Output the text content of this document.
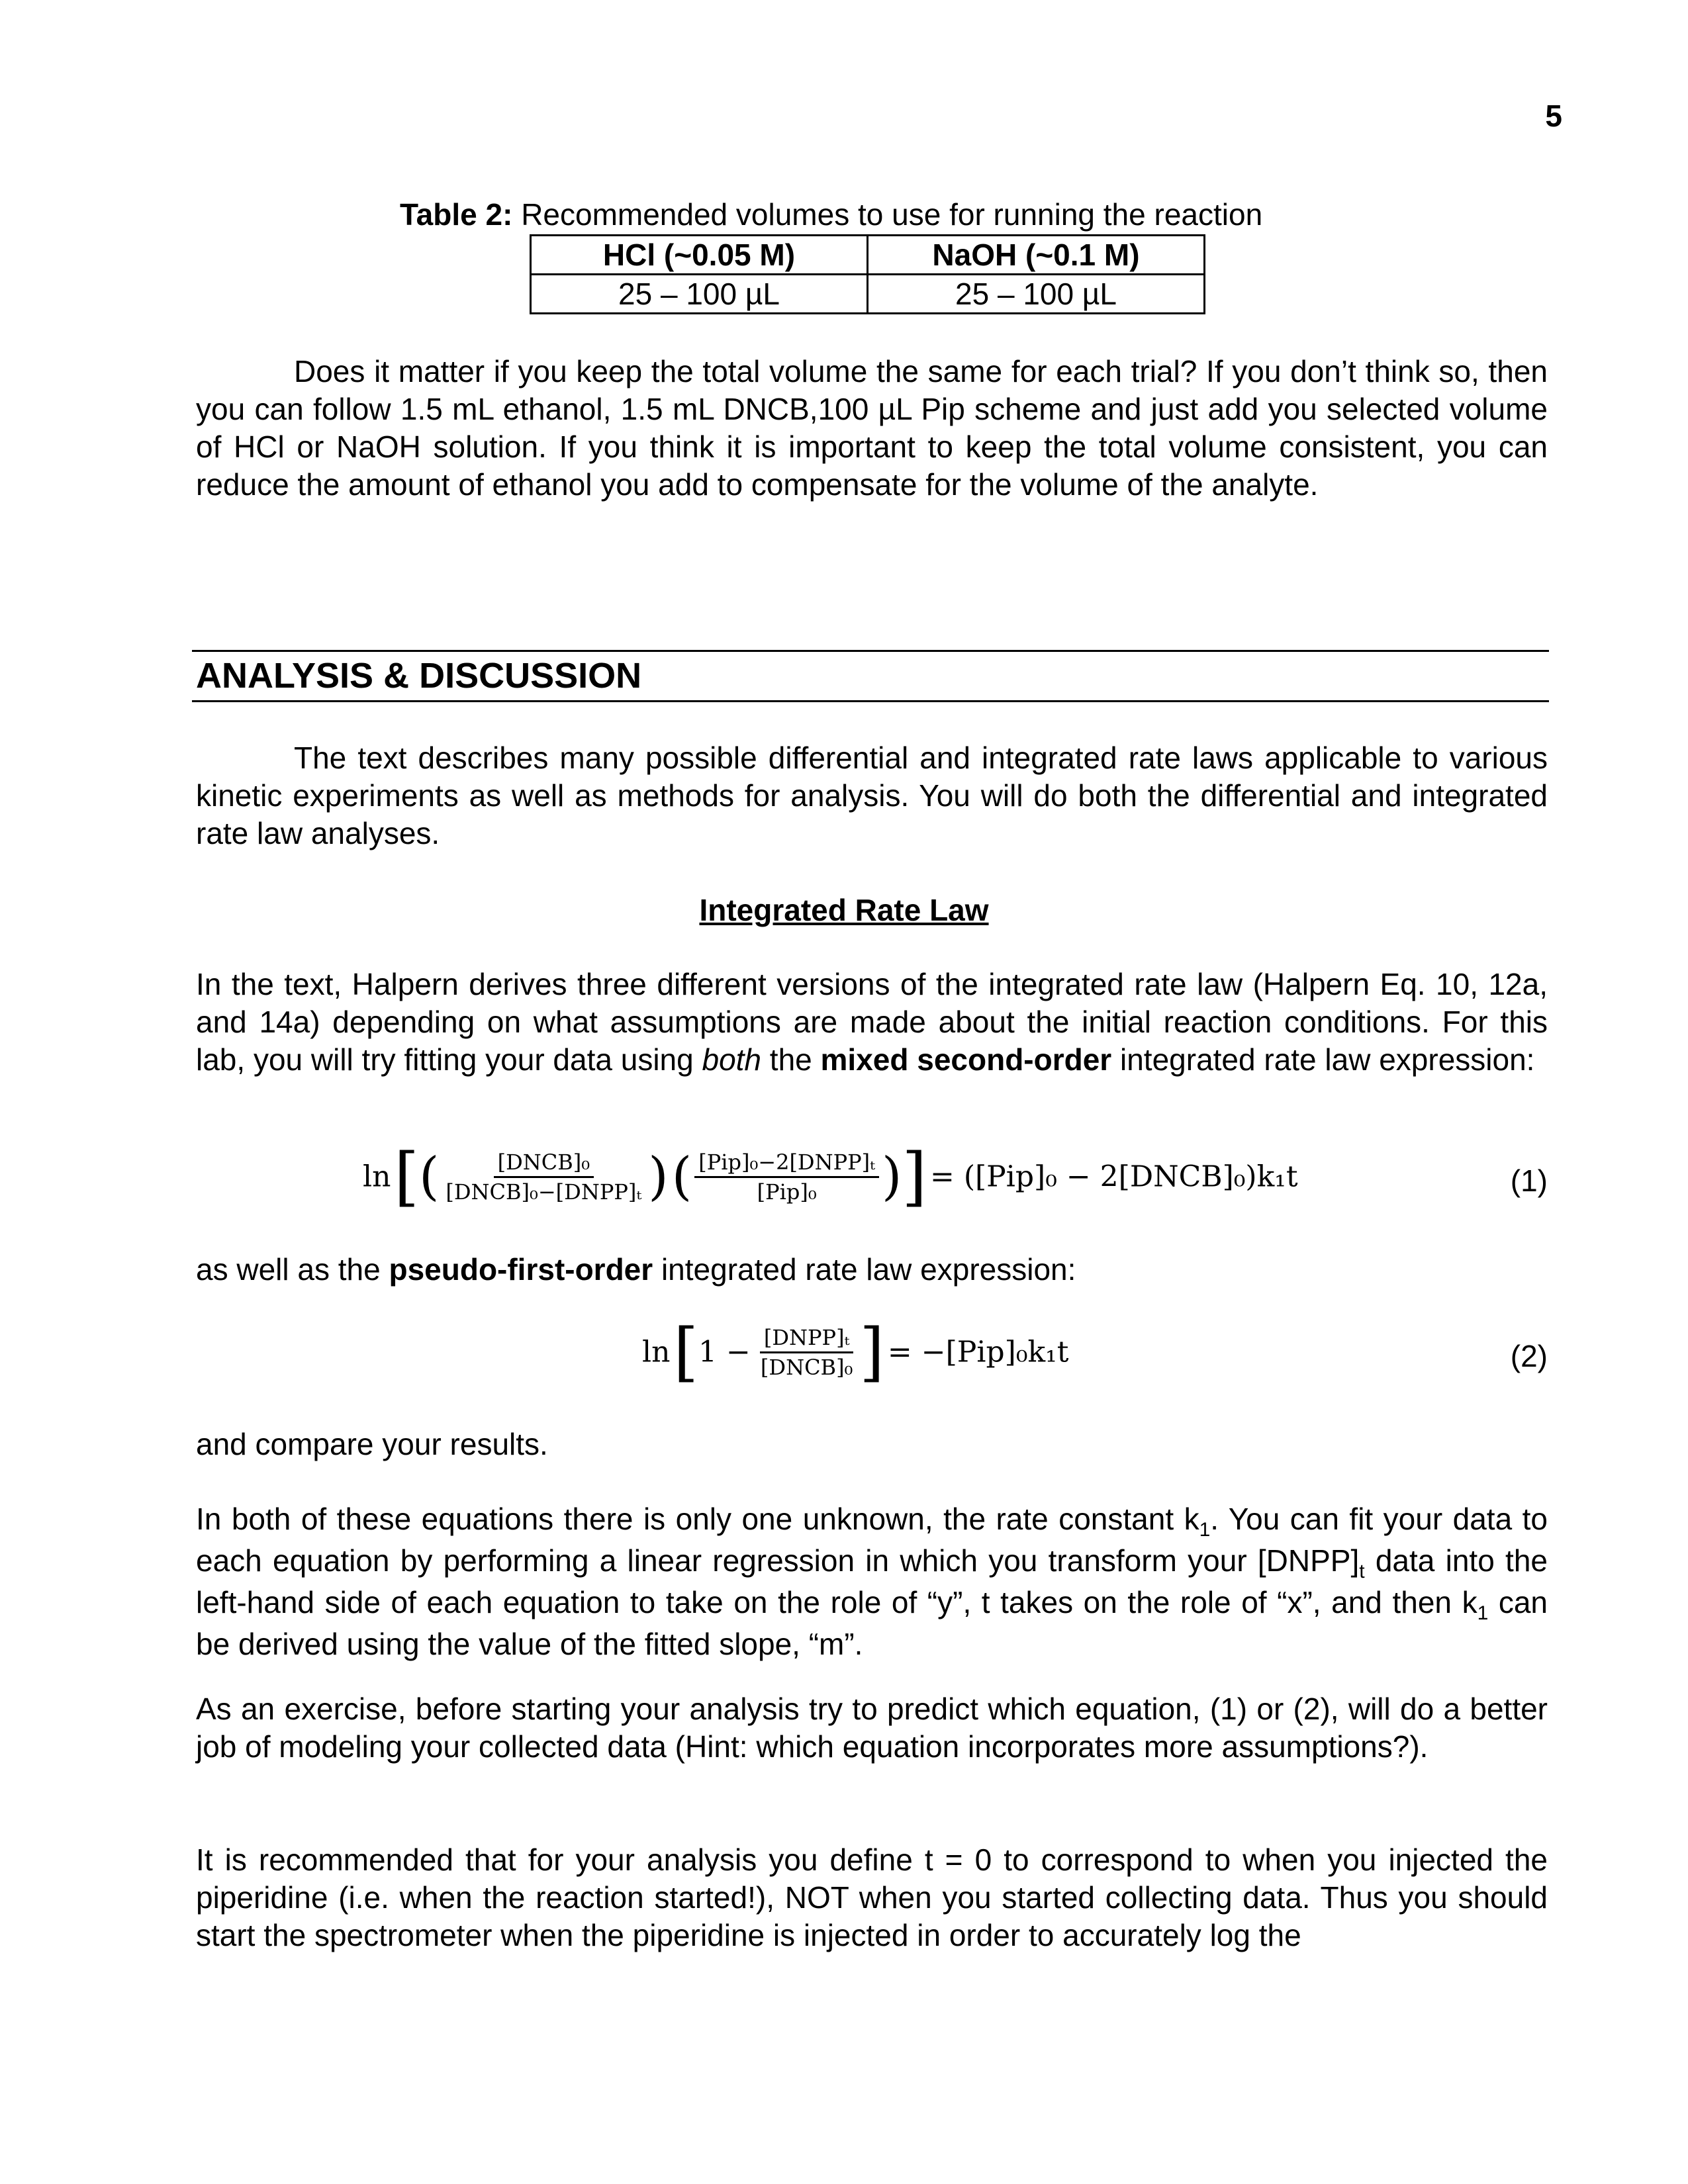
5
Table 2: Recommended volumes to use for running the reaction
HCl (~0.05 M)	NaOH (~0.1 M)
25 – 100 µL	25 – 100 µL

Does it matter if you keep the total volume the same for each trial? If you don’t think so, then you can follow 1.5 mL ethanol, 1.5 mL DNCB,100 µL Pip scheme and just add you selected volume of HCl or NaOH solution. If you think it is important to keep the total volume consistent, you can reduce the amount of ethanol you add to compensate for the volume of the analyte.

ANALYSIS & DISCUSSION

The text describes many possible differential and integrated rate laws applicable to various kinetic experiments as well as methods for analysis. You will do both the differential and integrated rate law analyses.

Integrated Rate Law

In the text, Halpern derives three different versions of the integrated rate law (Halpern Eq. 10, 12a, and 14a) depending on what assumptions are made about the initial reaction conditions. For this lab, you will try fitting your data using both the mixed second-order integrated rate law expression:

ln [( $\frac{\text{[DNCB]₀}}{\text{[DNCB]₀−[DNPP]ₜ}}$ ) ( $\frac{\text{[Pip]₀−2[DNPP]ₜ}}{\text{[Pip]₀}}$ )] = ([Pip]₀ − 2[DNCB]₀)k₁t	(1)

as well as the pseudo-first-order integrated rate law expression:

$\ln [1 - \frac{\text{[DNPP]ₜ}}{\text{[DNCB]₀}}$ ] = −[Pip]₀k₁t	(2)

and compare your results.

In both of these equations there is only one unknown, the rate constant $k_1$. You can fit your data to each equation by performing a linear regression in which you transform your $[DNPP]_t$ data into the left-hand side of each equation to take on the role of “y”, t takes on the role of “x”, and then $k_1$ can be derived using the value of the fitted slope, “m”.

As an exercise, before starting your analysis try to predict which equation, (1) or (2), will do a better job of modeling your collected data (Hint: which equation incorporates more assumptions?).

It is recommended that for your analysis you define t = 0 to correspond to when you injected the piperidine (i.e. when the reaction started!), NOT when you started collecting data. Thus you should start the spectrometer when the piperidine is injected in order to accurately log the
